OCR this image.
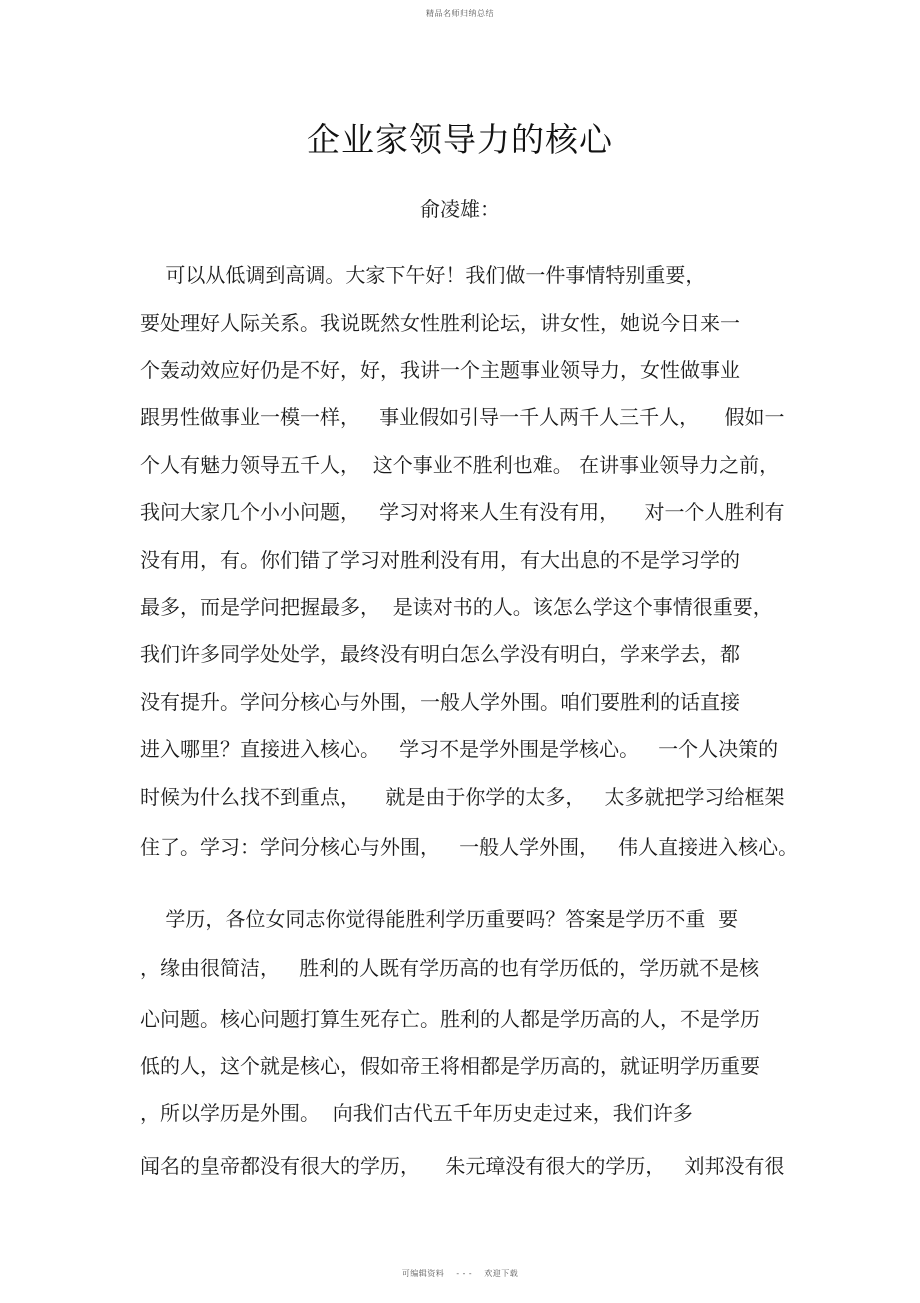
精品名师归纳总结
企业家领导力的核心
俞凌雄：
可以从低调到高调。大家下午好！我们做一件事情特别重要，
要处理好人际关系。我说既然女性胜利论坛，讲女性，她说今日来一
个轰动效应好仍是不好，好，我讲一个主题事业领导力，女性做事业
跟男性做事业一模一样，   事业假如引导一千人两千人三千人，    假如一
个人有魅力领导五千人，  这个事业不胜利也难。 在讲事业领导力之前，
我问大家几个小小问题，   学习对将来人生有没有用，    对一个人胜利有
没有用，有。你们错了学习对胜利没有用，有大出息的不是学习学的
最多，而是学问把握最多，  是读对书的人。该怎么学这个事情很重要，
我们许多同学处处学，最终没有明白怎么学没有明白，学来学去，都
没有提升。学问分核心与外围，一般人学外围。咱们要胜利的话直接
进入哪里？直接进入核心。   学习不是学外围是学核心。   一个人决策的
时候为什么找不到重点，    就是由于你学的太多，   太多就把学习给框架
住了。学习：学问分核心与外围，   一般人学外围，   伟人直接进入核心。
学历，各位女同志你觉得能胜利学历重要吗？答案是学历不重  要
，缘由很简洁，   胜利的人既有学历高的也有学历低的，学历就不是核
心问题。核心问题打算生死存亡。胜利的人都是学历高的人，不是学历
低的人，这个就是核心，假如帝王将相都是学历高的，就证明学历重要
，所以学历是外围。  向我们古代五千年历史走过来，我们许多
闻名的皇帝都没有很大的学历，    朱元璋没有很大的学历，   刘邦没有很
可编辑资料    - - -    欢迎下载
